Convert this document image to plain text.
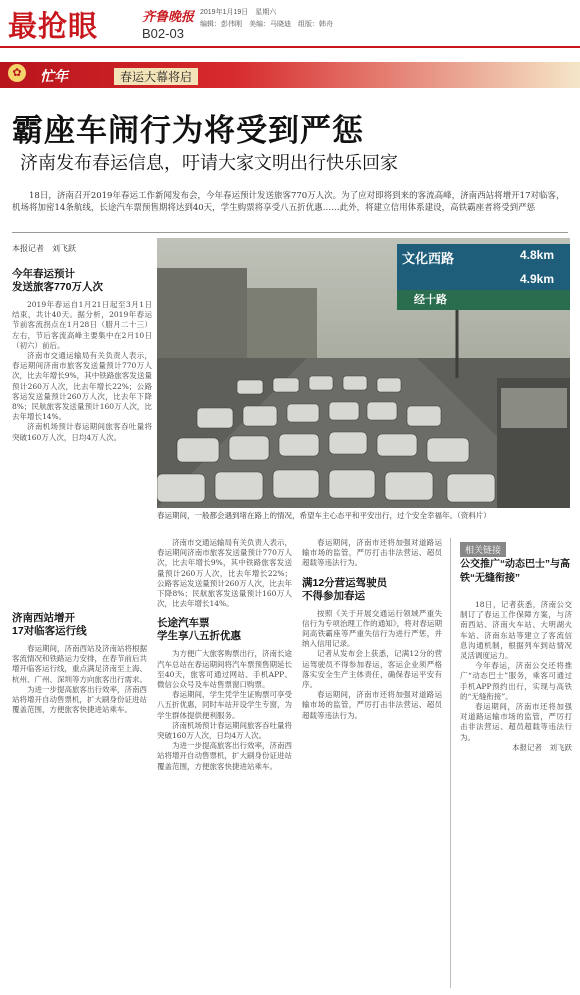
最抢眼	齐鲁晚报 2019年1月19日　星期六
编辑：彭伟刚　美编：马晓迪　组版：韩舟
B02-03
✿	忙年	春运大幕将启
霸座车闹行为将受到严惩
济南发布春运信息，吁请大家文明出行快乐回家
18日，济南召开2019年春运工作新闻发布会，今年春运预计发送旅客770万人次。为了应对即将到来的客流高峰，济南西站将增开17对临客，机场将加密14条航线，长途汽车票预售期将达到40天，学生购票将享受八五折优惠……此外，将建立信用体系建设，高铁霸座者将受到严惩
本报记者　刘飞跃
今年春运预计
发送旅客770万人次
2019年春运自1月21日起至3月1日结束，共计40天。据分析，2019年春运节前客流拐点在1月28日（腊月二十三）左右，节后客流高峰主要集中在2月10日（初六）前后。
济南市交通运输局有关负责人表示，春运期间济南市旅客发送量预计770万人次，比去年增长9%，其中铁路旅客发送量预计260万人次，比去年增长22%；公路客运发送量预计260万人次，比去年下降8%；民航旅客发送量预计160万人次，比去年增长14%。
济南机场预计春运期间旅客吞吐量将突破160万人次，日均4万人次。
济南西站增开
17对临客运行线
春运期间，济南西站及济南站将根据客流情况和铁路运力安排，在春节前后共增开临客运行线，重点满足济南至上海、杭州、广州、深圳等方向旅客出行需求。
为进一步提高旅客出行效率，济南西站将增开自动售票机，扩大刷身份证进站覆盖范围，方便旅客快捷进站乘车。
文化西路	4.8km
经十路
4.9km
春运期间，一般都会遇到堵在路上的情况，希望车主心态平和平安出行，过个安全幸福年。（资料片）
济南市交通运输局有关负责人表示，春运期间济南市旅客发送量预计770万人次，比去年增长9%，其中铁路旅客发送量预计260万人次，比去年增长22%；公路客运发送量预计260万人次，比去年下降8%；民航旅客发送量预计160万人次，比去年增长14%。
长途汽车票
学生享八五折优惠
为方便广大旅客购票出行，济南长途汽车总站在春运期间将汽车票预售期延长至40天，旅客可通过网站、手机APP、微信公众号及车站售票窗口购票。
春运期间，学生凭学生证购票可享受八五折优惠，同时车站开设学生专窗，为学生群体提供便利服务。
济南机场预计春运期间旅客吞吐量将突破160万人次，日均4万人次。
为进一步提高旅客出行效率，济南西站将增开自动售票机，扩大刷身份证进站覆盖范围，方便旅客快捷进站乘车。
春运期间，济南市还将加强对道路运输市场的监管，严厉打击非法营运、超员超载等违法行为。
满12分营运驾驶员
不得参加春运
按照《关于开展交通运行领域严重失信行为专项治理工作的通知》，将对春运期间高铁霸座等严重失信行为进行严惩，并纳入信用记录。
记者从发布会上获悉，记满12分的营运驾驶员不得参加春运，客运企业须严格落实安全生产主体责任，确保春运平安有序。
春运期间，济南市还将加强对道路运输市场的监管，严厉打击非法营运、超员超载等违法行为。
相关链接
公交推广“动态巴士”与高铁“无缝衔接”
18日，记者获悉，济南公交制订了春运工作保障方案，与济南西站、济南火车站、大明湖火车站、济南东站等建立了客流信息沟通机制，根据列车到站情况灵活调度运力。
今年春运，济南公交还将推广“动态巴士”服务，乘客可通过手机APP预约出行，实现与高铁的“无缝衔接”。
春运期间，济南市还将加强对道路运输市场的监管，严厉打击非法营运、超员超载等违法行为。
本报记者　刘飞跃
